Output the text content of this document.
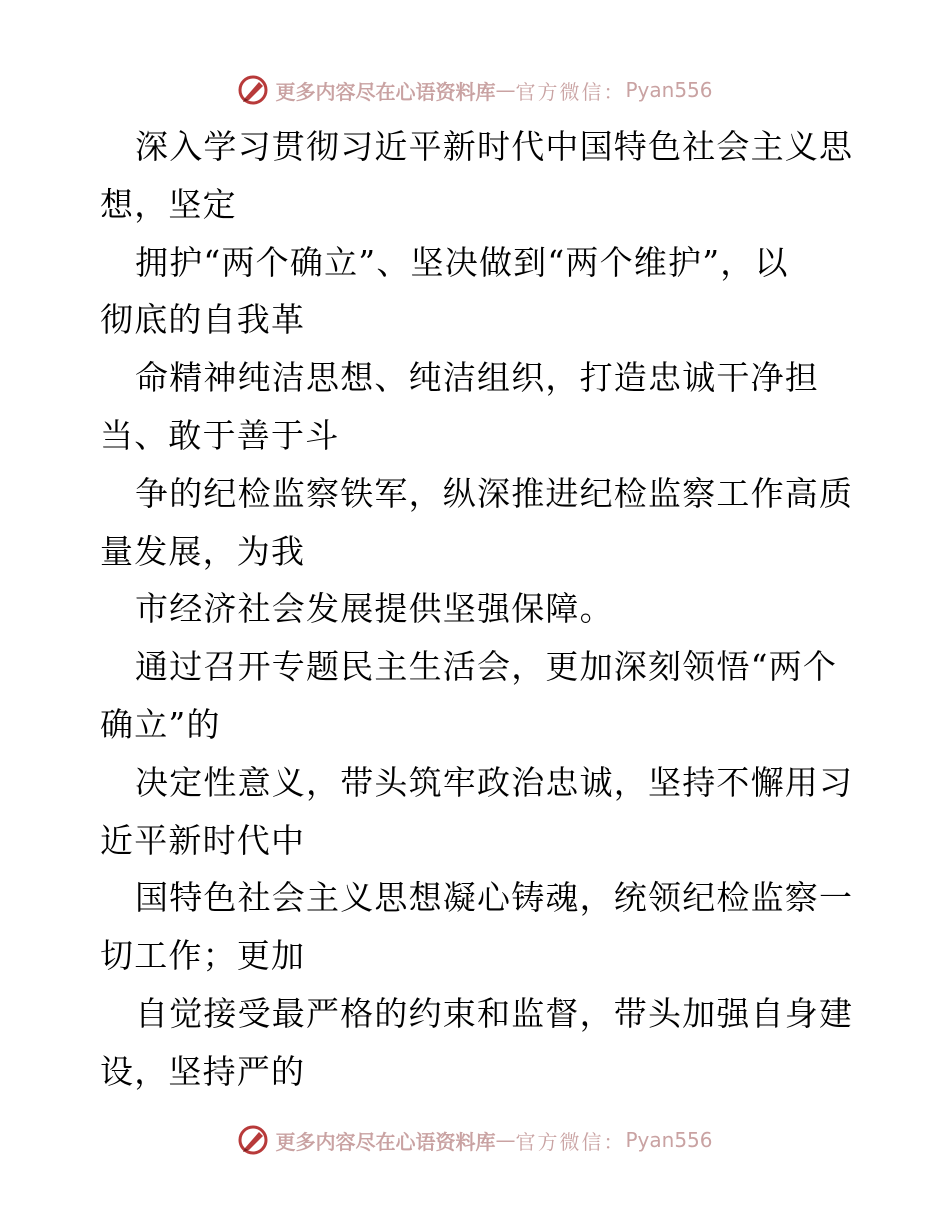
更多内容尽在心语资料库 — 官方微信： Pyan556
深入学习贯彻习近平新时代中国特色社会主义思
想，坚定
拥护“两个确立”、坚决做到“两个维护”，以
彻底的自我革
命精神纯洁思想、纯洁组织，打造忠诚干净担
当、敢于善于斗
争的纪检监察铁军，纵深推进纪检监察工作高质
量发展，为我
市经济社会发展提供坚强保障。
通过召开专题民主生活会，更加深刻领悟“两个
确立”的
决定性意义，带头筑牢政治忠诚，坚持不懈用习
近平新时代中
国特色社会主义思想凝心铸魂，统领纪检监察一
切工作；更加
自觉接受最严格的约束和监督，带头加强自身建
设，坚持严的
更多内容尽在心语资料库 — 官方微信： Pyan556
